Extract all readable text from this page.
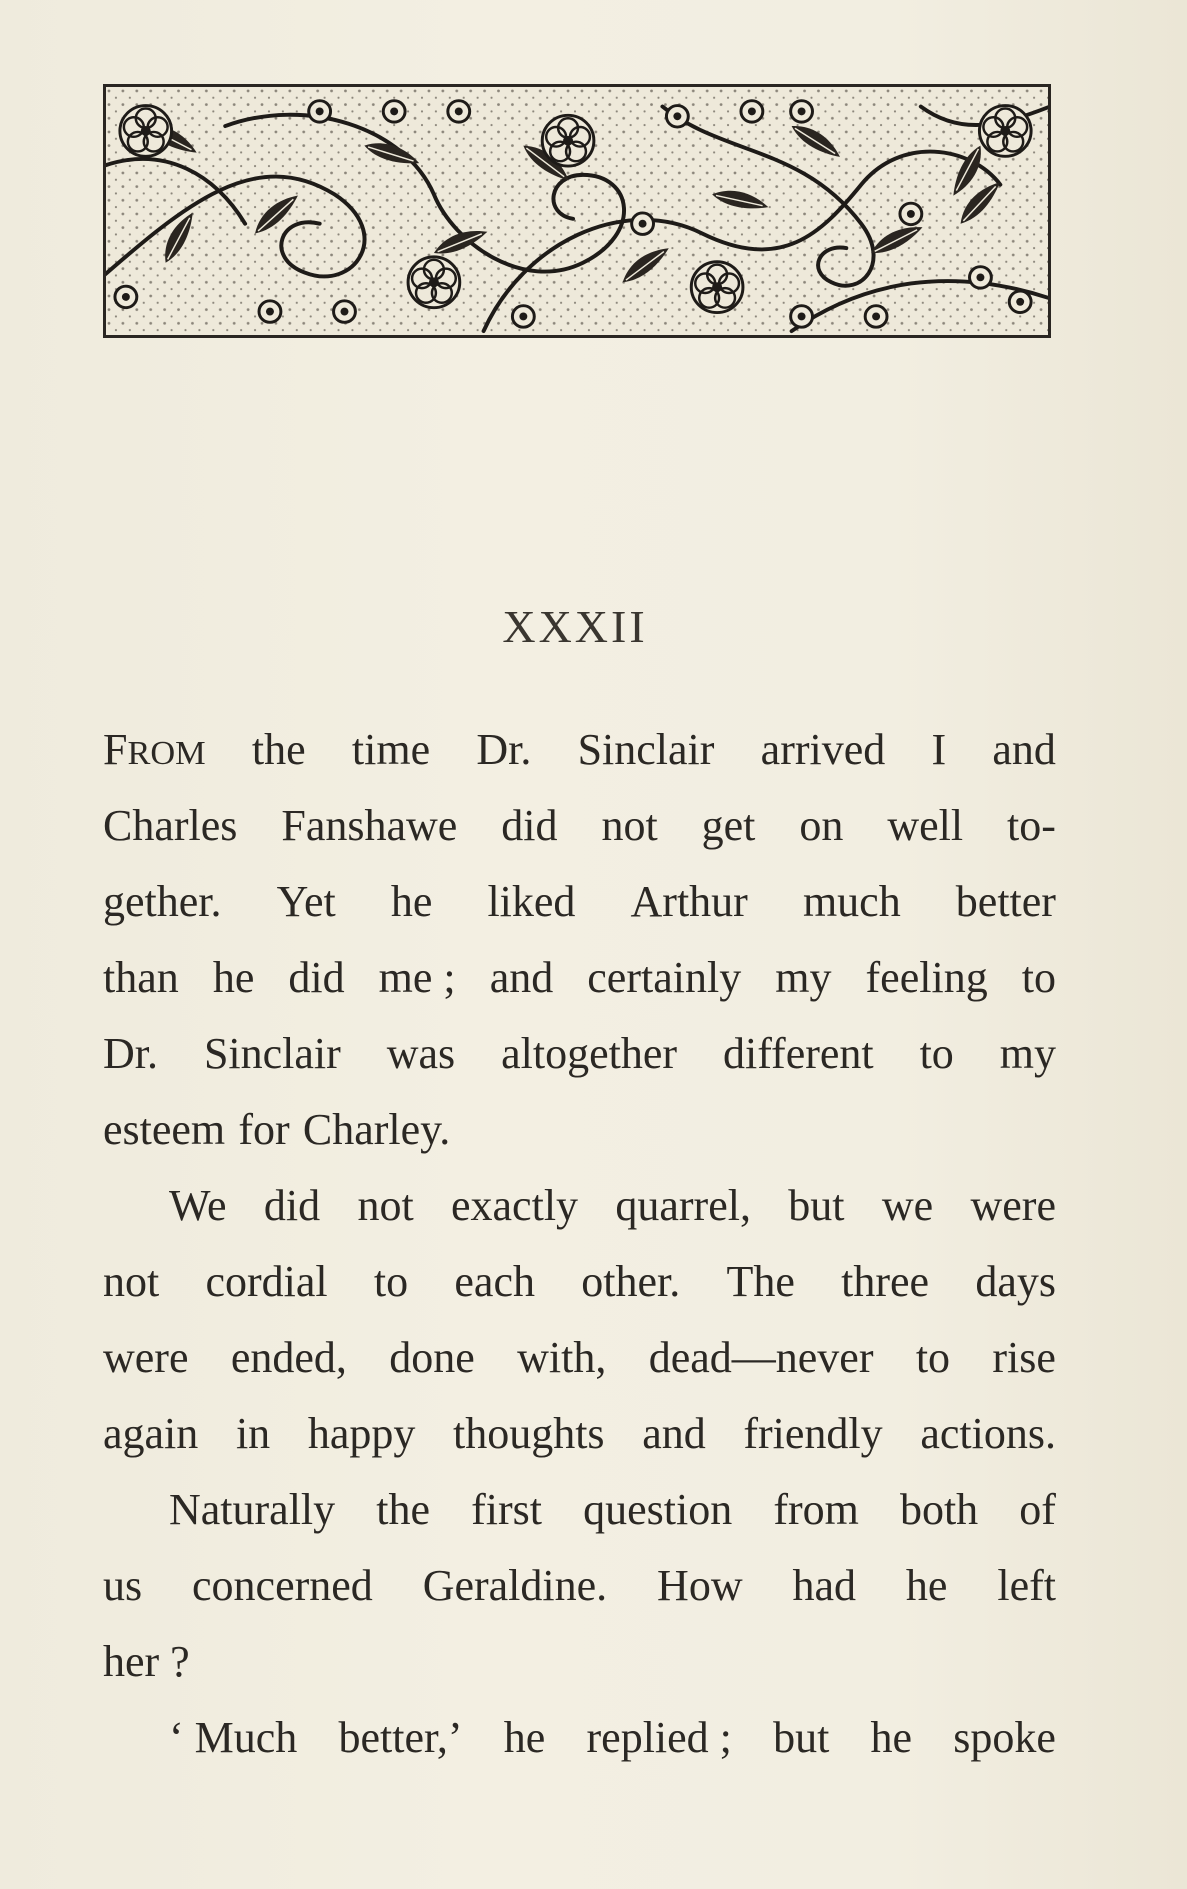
XXXII
FROM the time Dr. Sinclair arrived I and
Charles Fanshawe did not get on well to-
gether. Yet he liked Arthur much better
than he did me ; and certainly my feeling to
Dr. Sinclair was altogether different to my
esteem for Charley.
We did not exactly quarrel, but we were
not cordial to each other. The three days
were ended, done with, dead—never to rise
again in happy thoughts and friendly actions.
Naturally the first question from both of
us concerned Geraldine. How had he left
her ?
‘ Much better,’ he replied ; but he spoke
